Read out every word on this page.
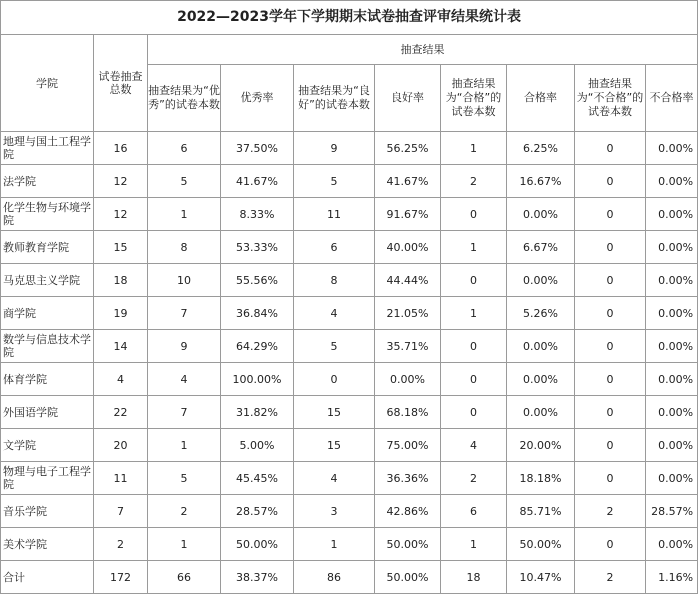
2022—2023学年下学期期末试卷抽查评审结果统计表									
学院	试卷抽查总数	抽查结果							
		抽查结果为“优秀”的试卷本数	优秀率	抽查结果为“良好”的试卷本数	良好率	抽查结果为“合格”的试卷本数	合格率	抽查结果为“不合格”的试卷本数	不合格率
地理与国土工程学院	16	6	37.50%	9	56.25%	1	6.25%	0	0.00%
法学院	12	5	41.67%	5	41.67%	2	16.67%	0	0.00%
化学生物与环境学院	12	1	8.33%	11	91.67%	0	0.00%	0	0.00%
教师教育学院	15	8	53.33%	6	40.00%	1	6.67%	0	0.00%
马克思主义学院	18	10	55.56%	8	44.44%	0	0.00%	0	0.00%
商学院	19	7	36.84%	4	21.05%	1	5.26%	0	0.00%
数学与信息技术学院	14	9	64.29%	5	35.71%	0	0.00%	0	0.00%
体育学院	4	4	100.00%	0	0.00%	0	0.00%	0	0.00%
外国语学院	22	7	31.82%	15	68.18%	0	0.00%	0	0.00%
文学院	20	1	5.00%	15	75.00%	4	20.00%	0	0.00%
物理与电子工程学院	11	5	45.45%	4	36.36%	2	18.18%	0	0.00%
音乐学院	7	2	28.57%	3	42.86%	6	85.71%	2	28.57%
美术学院	2	1	50.00%	1	50.00%	1	50.00%	0	0.00%
合计	172	66	38.37%	86	50.00%	18	10.47%	2	1.16%
